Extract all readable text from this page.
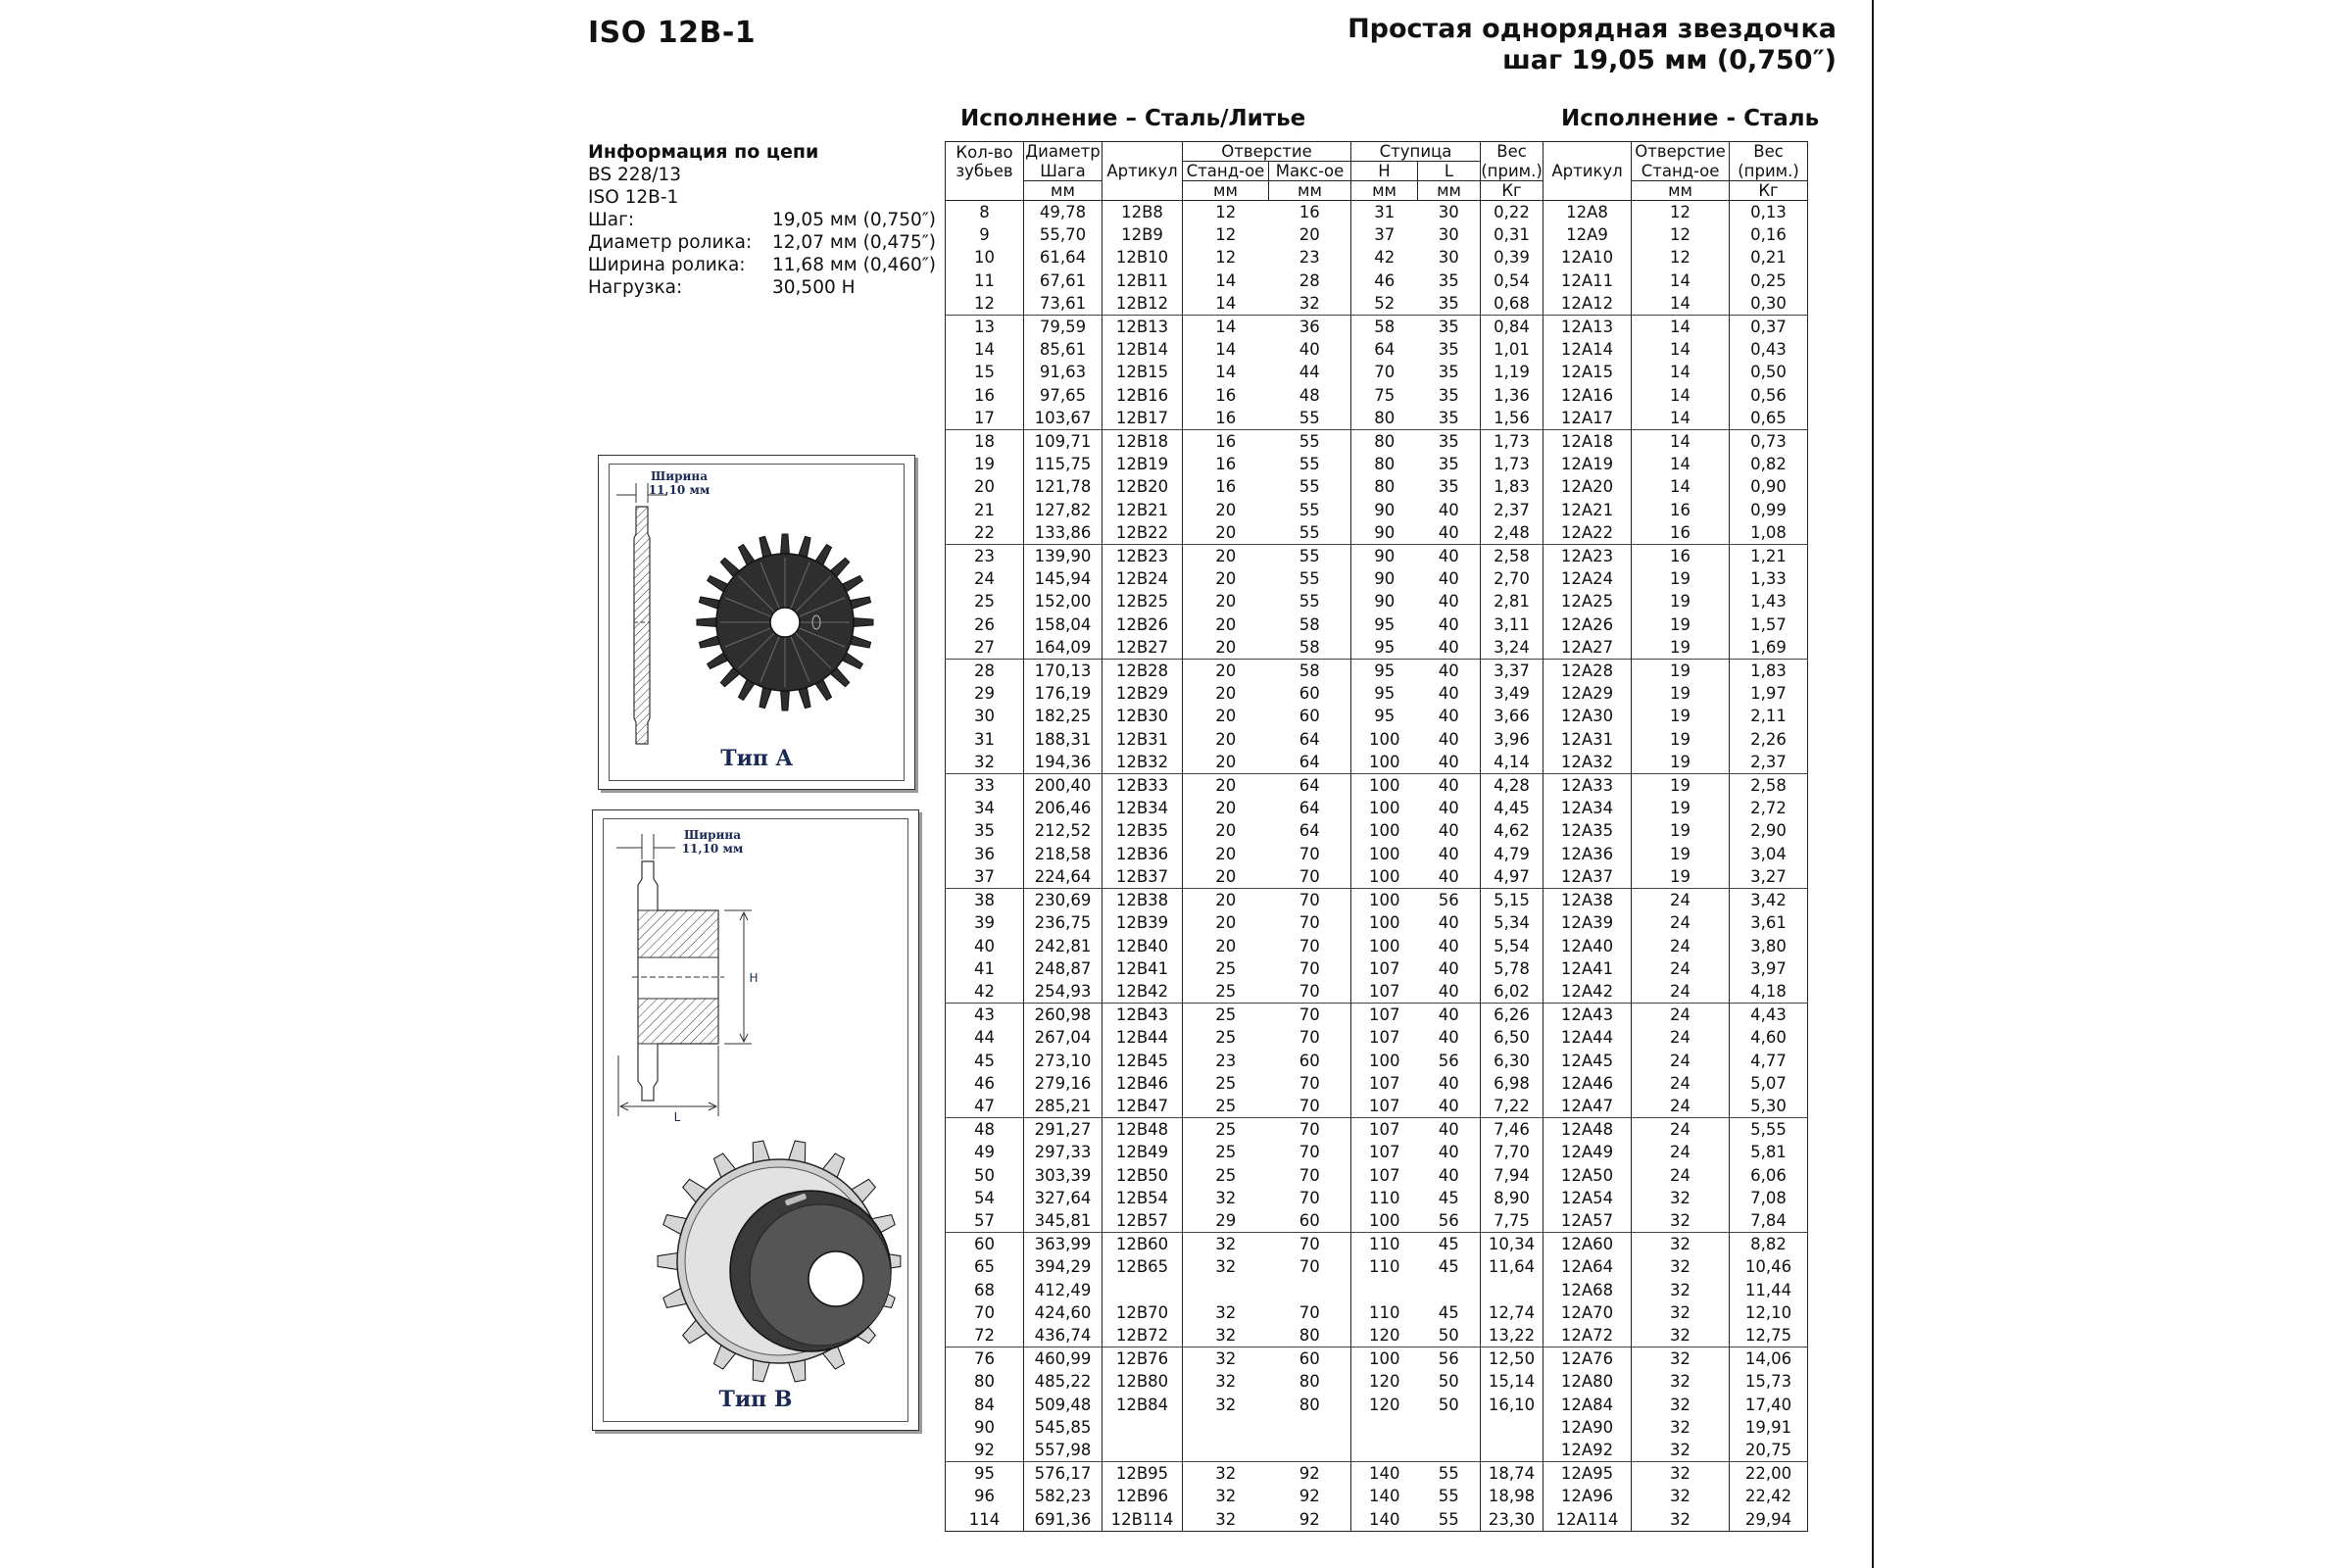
ISO 12B-1	Простая однорядная звездочка
шаг 19,05 мм (0,750″)
Исполнение – Сталь/Литье	Исполнение - Сталь
Информация по цепи
BS 228/13
ISO 12B-1
Шаг:	19,05 мм (0,750″)
Диаметр ролика:	12,07 мм (0,475″)
Ширина ролика:	11,68 мм (0,460″)
Нагрузка:	30,500 Н
Ширина
11,10 мм
Тип A
Ширина
11,10 мм
H
L
Тип B
Кол-во
зубьев	Диаметр	Артикул	Отверстие		Ступица		Вес	Артикул	Отверстие	Вес
	Шага		Станд-ое	Макс-ое	H	L	(прим.)		Станд-ое	(прим.)
	мм		мм	мм	мм	мм	Кг		мм	Кг
8	49,78	12B8	12	16	31	30	0,22	12A8	12	0,13
9	55,70	12B9	12	20	37	30	0,31	12A9	12	0,16
10	61,64	12B10	12	23	42	30	0,39	12A10	12	0,21
11	67,61	12B11	14	28	46	35	0,54	12A11	14	0,25
12	73,61	12B12	14	32	52	35	0,68	12A12	14	0,30
13	79,59	12B13	14	36	58	35	0,84	12A13	14	0,37
14	85,61	12B14	14	40	64	35	1,01	12A14	14	0,43
15	91,63	12B15	14	44	70	35	1,19	12A15	14	0,50
16	97,65	12B16	16	48	75	35	1,36	12A16	14	0,56
17	103,67	12B17	16	55	80	35	1,56	12A17	14	0,65
18	109,71	12B18	16	55	80	35	1,73	12A18	14	0,73
19	115,75	12B19	16	55	80	35	1,73	12A19	14	0,82
20	121,78	12B20	16	55	80	35	1,83	12A20	14	0,90
21	127,82	12B21	20	55	90	40	2,37	12A21	16	0,99
22	133,86	12B22	20	55	90	40	2,48	12A22	16	1,08
23	139,90	12B23	20	55	90	40	2,58	12A23	16	1,21
24	145,94	12B24	20	55	90	40	2,70	12A24	19	1,33
25	152,00	12B25	20	55	90	40	2,81	12A25	19	1,43
26	158,04	12B26	20	58	95	40	3,11	12A26	19	1,57
27	164,09	12B27	20	58	95	40	3,24	12A27	19	1,69
28	170,13	12B28	20	58	95	40	3,37	12A28	19	1,83
29	176,19	12B29	20	60	95	40	3,49	12A29	19	1,97
30	182,25	12B30	20	60	95	40	3,66	12A30	19	2,11
31	188,31	12B31	20	64	100	40	3,96	12A31	19	2,26
32	194,36	12B32	20	64	100	40	4,14	12A32	19	2,37
33	200,40	12B33	20	64	100	40	4,28	12A33	19	2,58
34	206,46	12B34	20	64	100	40	4,45	12A34	19	2,72
35	212,52	12B35	20	64	100	40	4,62	12A35	19	2,90
36	218,58	12B36	20	70	100	40	4,79	12A36	19	3,04
37	224,64	12B37	20	70	100	40	4,97	12A37	19	3,27
38	230,69	12B38	20	70	100	56	5,15	12A38	24	3,42
39	236,75	12B39	20	70	100	40	5,34	12A39	24	3,61
40	242,81	12B40	20	70	100	40	5,54	12A40	24	3,80
41	248,87	12B41	25	70	107	40	5,78	12A41	24	3,97
42	254,93	12B42	25	70	107	40	6,02	12A42	24	4,18
43	260,98	12B43	25	70	107	40	6,26	12A43	24	4,43
44	267,04	12B44	25	70	107	40	6,50	12A44	24	4,60
45	273,10	12B45	23	60	100	56	6,30	12A45	24	4,77
46	279,16	12B46	25	70	107	40	6,98	12A46	24	5,07
47	285,21	12B47	25	70	107	40	7,22	12A47	24	5,30
48	291,27	12B48	25	70	107	40	7,46	12A48	24	5,55
49	297,33	12B49	25	70	107	40	7,70	12A49	24	5,81
50	303,39	12B50	25	70	107	40	7,94	12A50	24	6,06
54	327,64	12B54	32	70	110	45	8,90	12A54	32	7,08
57	345,81	12B57	29	60	100	56	7,75	12A57	32	7,84
60	363,99	12B60	32	70	110	45	10,34	12A60	32	8,82
65	394,29	12B65	32	70	110	45	11,64	12A64	32	10,46
68	412,49							12A68	32	11,44
70	424,60	12B70	32	70	110	45	12,74	12A70	32	12,10
72	436,74	12B72	32	80	120	50	13,22	12A72	32	12,75
76	460,99	12B76	32	60	100	56	12,50	12A76	32	14,06
80	485,22	12B80	32	80	120	50	15,14	12A80	32	15,73
84	509,48	12B84	32	80	120	50	16,10	12A84	32	17,40
90	545,85							12A90	32	19,91
92	557,98							12A92	32	20,75
95	576,17	12B95	32	92	140	55	18,74	12A95	32	22,00
96	582,23	12B96	32	92	140	55	18,98	12A96	32	22,42
114	691,36	12B114	32	92	140	55	23,30	12A114	32	29,94
